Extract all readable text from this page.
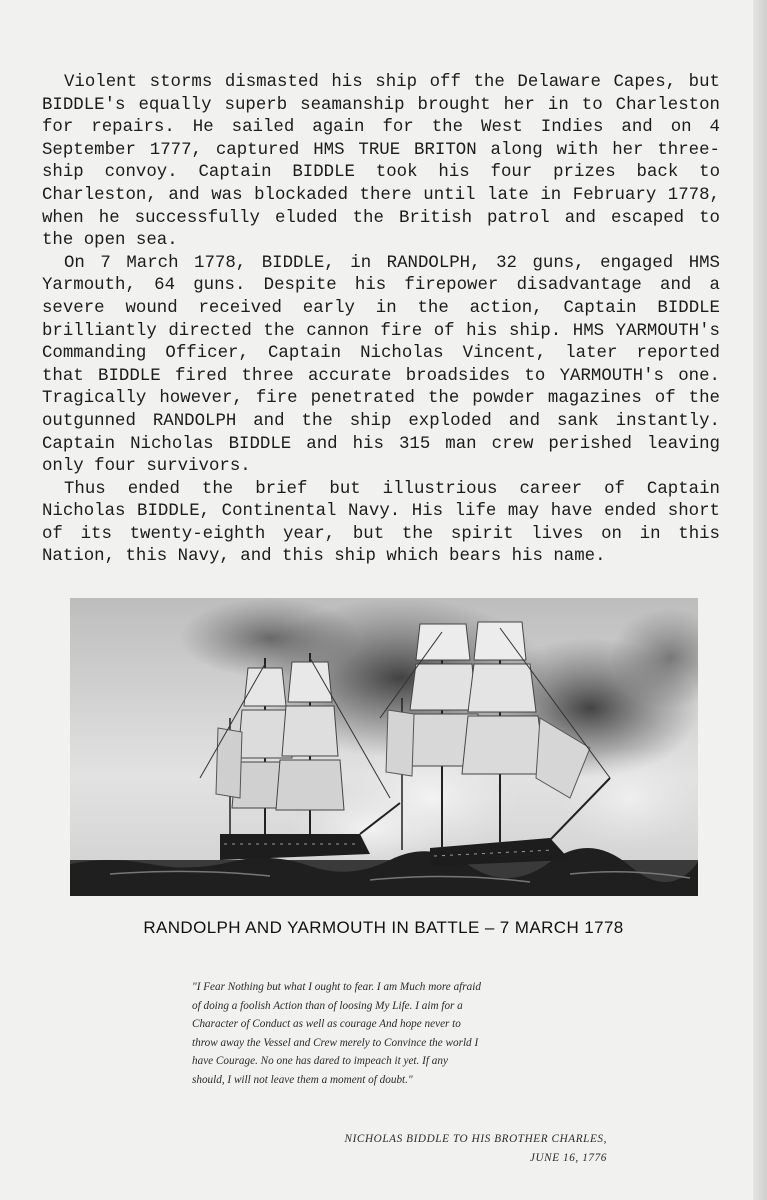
Violent storms dismasted his ship off the Delaware Capes, but BIDDLE's equally superb seamanship brought her in to Charleston for repairs. He sailed again for the West Indies and on 4 September 1777, captured HMS TRUE BRITON along with her three-ship convoy. Captain BIDDLE took his four prizes back to Charleston, and was blockaded there until late in February 1778, when he successfully eluded the British patrol and escaped to the open sea.

On 7 March 1778, BIDDLE, in RANDOLPH, 32 guns, engaged HMS Yarmouth, 64 guns. Despite his firepower disadvantage and a severe wound received early in the action, Captain BIDDLE brilliantly directed the cannon fire of his ship. HMS YARMOUTH's Commanding Officer, Captain Nicholas Vincent, later reported that BIDDLE fired three accurate broadsides to YARMOUTH's one. Tragically however, fire penetrated the powder magazines of the outgunned RANDOLPH and the ship exploded and sank instantly. Captain Nicholas BIDDLE and his 315 man crew perished leaving only four survivors.

Thus ended the brief but illustrious career of Captain Nicholas BIDDLE, Continental Navy. His life may have ended short of its twenty-eighth year, but the spirit lives on in this Nation, this Navy, and this ship which bears his name.

RANDOLPH AND YARMOUTH IN BATTLE – 7 MARCH 1778
"I Fear Nothing but what I ought to fear. I am Much more afraid of doing a foolish Action than of loosing My Life. I aim for a Character of Conduct as well as courage And hope never to throw away the Vessel and Crew merely to Convince the world I have Courage. No one has dared to impeach it yet. If any should, I will not leave them a moment of doubt."
NICHOLAS BIDDLE TO HIS BROTHER CHARLES,
JUNE 16, 1776
